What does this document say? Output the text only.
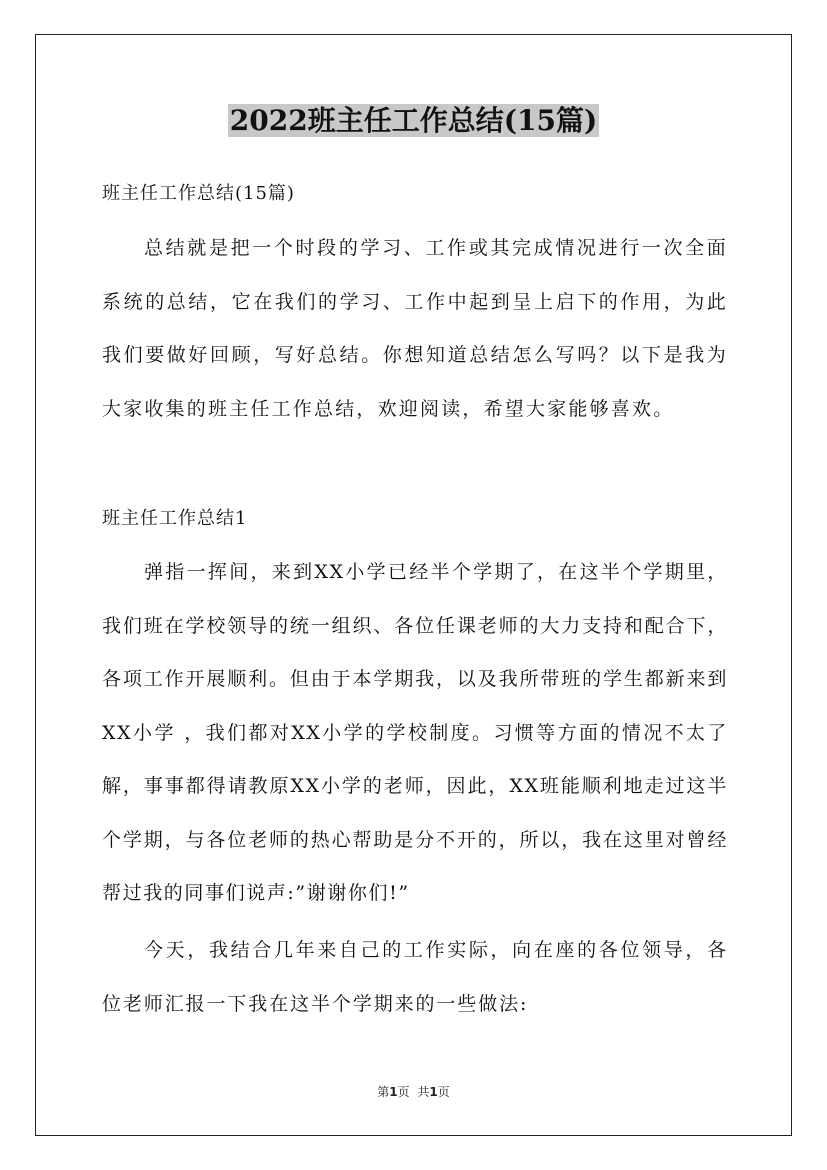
2022班主任工作总结(15篇)
班主任工作总结(15篇)

总结就是把一个时段的学习、工作或其完成情况进行一次全面系统的总结，它在我们的学习、工作中起到呈上启下的作用，为此我们要做好回顾，写好总结。你想知道总结怎么写吗？以下是我为大家收集的班主任工作总结，欢迎阅读，希望大家能够喜欢。

班主任工作总结1

弹指一挥间，来到XX小学已经半个学期了，在这半个学期里，我们班在学校领导的统一组织、各位任课老师的大力支持和配合下，各项工作开展顺利。但由于本学期我，以及我所带班的学生都新来到XX小学 ，我们都对XX小学的学校制度。习惯等方面的情况不太了解，事事都得请教原XX小学的老师，因此，XX班能顺利地走过这半个学期，与各位老师的热心帮助是分不开的，所以，我在这里对曾经帮过我的同事们说声:”谢谢你们!”

今天，我结合几年来自己的工作实际，向在座的各位领导，各位老师汇报一下我在这半个学期来的一些做法:

第1页 共1页
